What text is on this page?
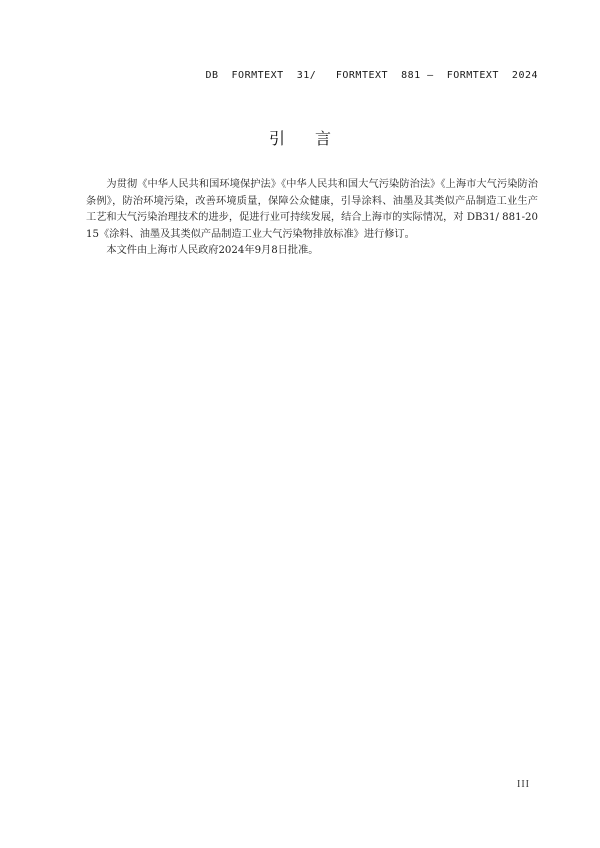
DB  FORMTEXT  31/   FORMTEXT  881 —  FORMTEXT  2024
引言

为贯彻《中华人民共和国环境保护法》《中华人民共和国大气污染防治法》《上海市大气污染防治条例》，防治环境污染，改善环境质量，保障公众健康，引导涂料、油墨及其类似产品制造工业生产工艺和大气污染治理技术的进步，促进行业可持续发展，结合上海市的实际情况，对 DB31/ 881-2015《涂料、油墨及其类似产品制造工业大气污染物排放标准》进行修订。

本文件由上海市人民政府2024年9月8日批准。

III
